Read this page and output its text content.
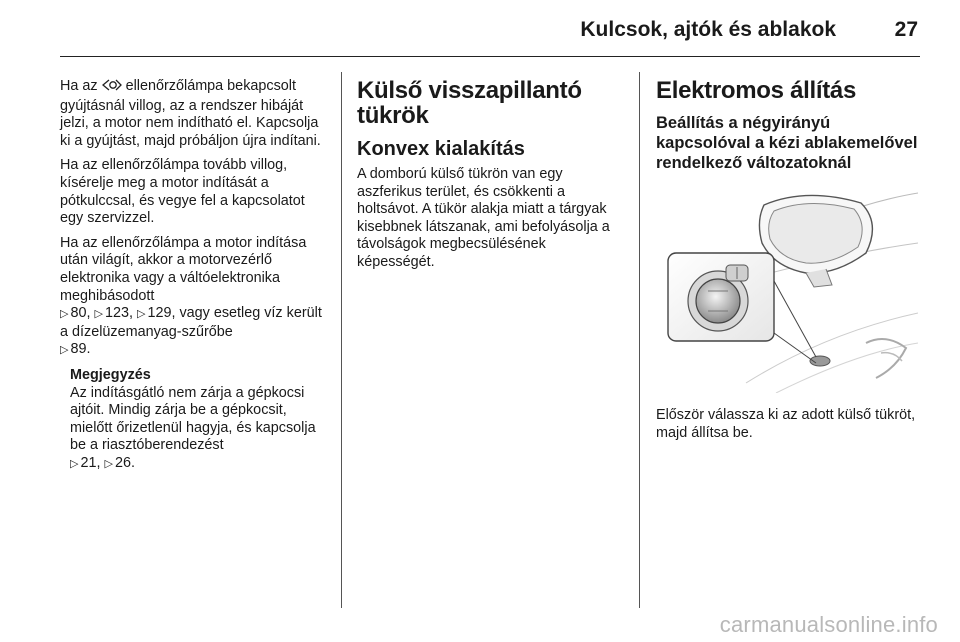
Kulcsok, ajtók és ablakok	27

Ha az  ellenőrzőlámpa bekapcsolt gyújtásnál villog, az a rendszer hibáját jelzi, a motor nem indítható el. Kapcsolja ki a gyújtást, majd próbáljon újra indítani.

Ha az ellenőrzőlámpa tovább villog, kísérelje meg a motor indítását a pótkulccsal, és vegye fel a kapcsolatot egy szervizzel.

Ha az ellenőrzőlámpa a motor indítása után világít, akkor a motorvezérlő elektronika vagy a váltóelektronika meghibásodott
▷ 80, ▷ 123, ▷ 129, vagy esetleg víz került a dízelüzemanyag-szűrőbe
▷ 89.

Megjegyzés
Az indításgátló nem zárja a gépkocsi ajtóit. Mindig zárja be a gépkocsit, mielőtt őrizetlenül hagyja, és kapcsolja be a riasztóberendezést
▷ 21, ▷ 26.
Külső visszapillantó tükrök
Konvex kialakítás

A domború külső tükrön van egy aszferikus terület, és csökkenti a holtsávot. A tükör alakja miatt a tárgyak kisebbnek látszanak, ami befolyásolja a távolságok megbecsülésének képességét.

Elektromos állítás
Beállítás a négyirányú kapcsolóval a kézi ablakemelővel rendelkező változatoknál

Először válassza ki az adott külső tükröt, majd állítsa be.

carmanualsonline.info
